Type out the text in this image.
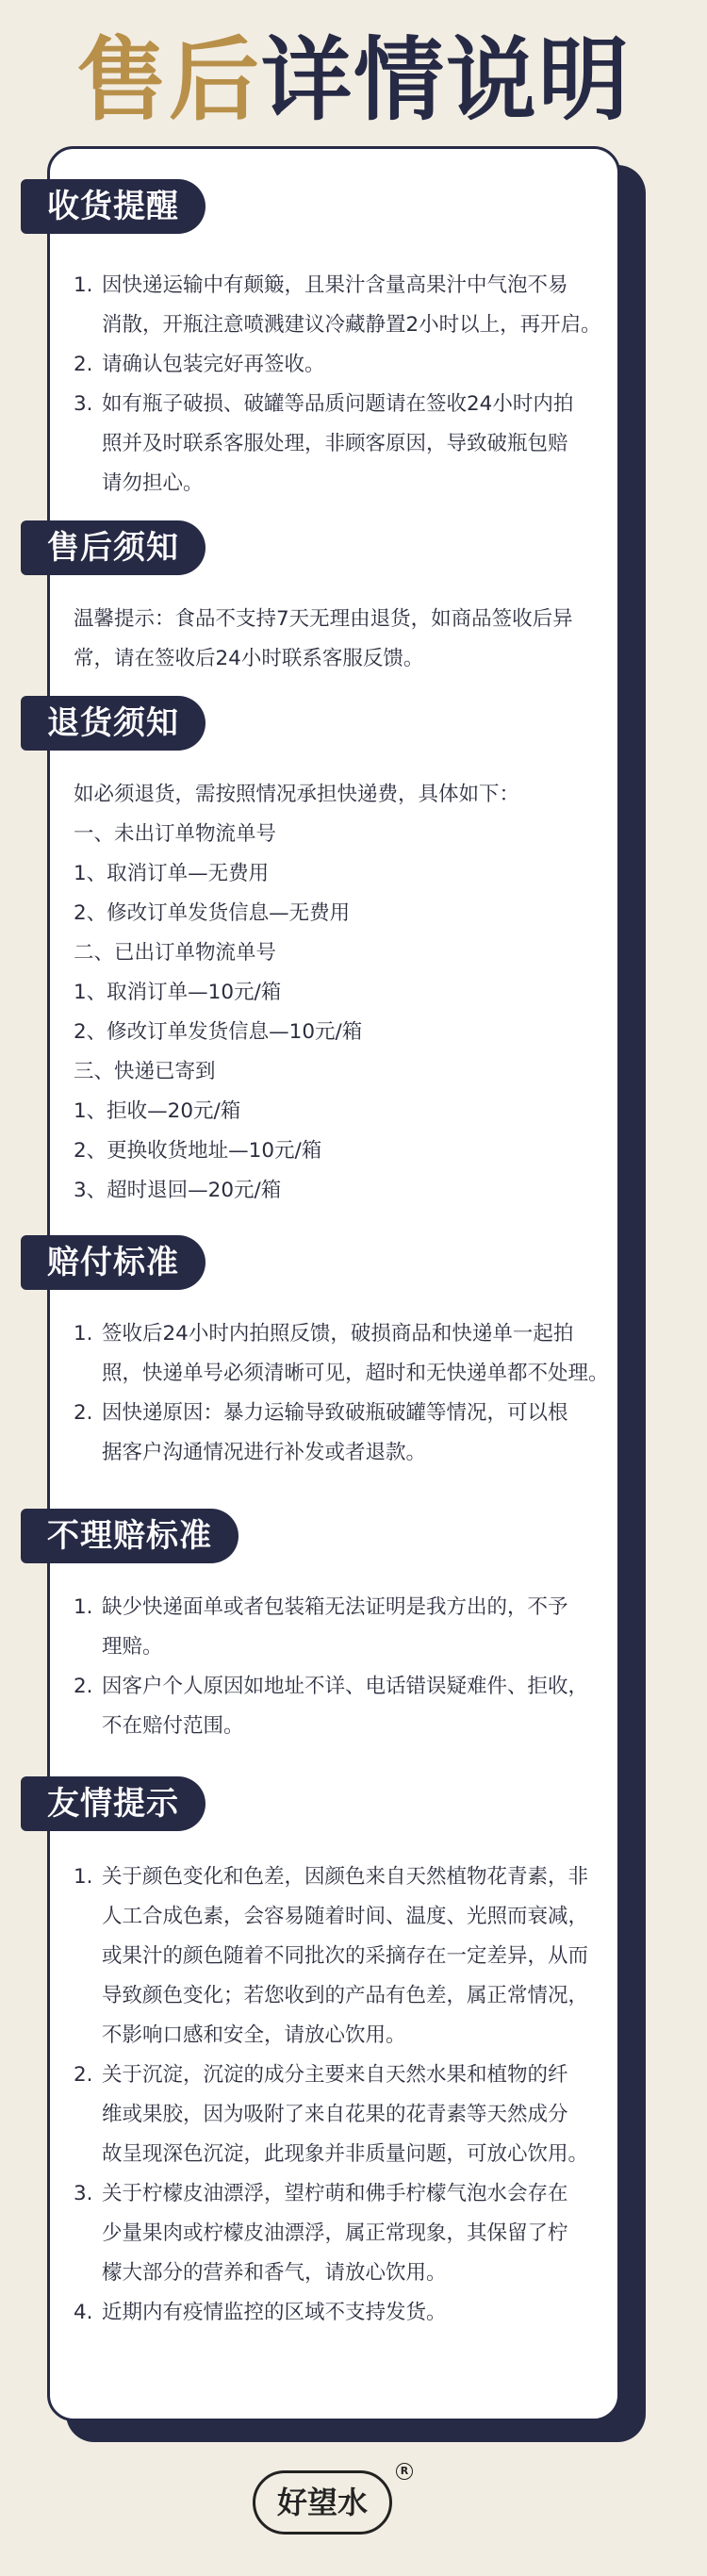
售后详情说明
收货提醒
1. 因快递运输中有颠簸，且果汁含量高果汁中气泡不易

消散，开瓶注意喷溅建议冷藏静置2小时以上，再开启。

2. 请确认包装完好再签收。

3. 如有瓶子破损、破罐等品质问题请在签收24小时内拍

照并及时联系客服处理，非顾客原因，导致破瓶包赔

请勿担心。

售后须知

温馨提示：食品不支持7天无理由退货，如商品签收后异

常，请在签收后24小时联系客服反馈。

退货须知

如必须退货，需按照情况承担快递费，具体如下：

一、未出订单物流单号

1、取消订单—无费用

2、修改订单发货信息—无费用

二、已出订单物流单号

1、取消订单—10元/箱

2、修改订单发货信息—10元/箱

三、快递已寄到

1、拒收—20元/箱

2、更换收货地址—10元/箱

3、超时退回—20元/箱

赔付标准
1. 签收后24小时内拍照反馈，破损商品和快递单一起拍

照，快递单号必须清晰可见，超时和无快递单都不处理。

2. 因快递原因：暴力运输导致破瓶破罐等情况，可以根

据客户沟通情况进行补发或者退款。

不理赔标准
1. 缺少快递面单或者包装箱无法证明是我方出的，不予

理赔。

2. 因客户个人原因如地址不详、电话错误疑难件、拒收，

不在赔付范围。

友情提示
1. 关于颜色变化和色差，因颜色来自天然植物花青素，非

人工合成色素，会容易随着时间、温度、光照而衰减，

或果汁的颜色随着不同批次的采摘存在一定差异，从而

导致颜色变化；若您收到的产品有色差，属正常情况，

不影响口感和安全，请放心饮用。

2. 关于沉淀，沉淀的成分主要来自天然水果和植物的纤

维或果胶，因为吸附了来自花果的花青素等天然成分

故呈现深色沉淀，此现象并非质量问题，可放心饮用。

3. 关于柠檬皮油漂浮，望柠萌和佛手柠檬气泡水会存在

少量果肉或柠檬皮油漂浮，属正常现象，其保留了柠

檬大部分的营养和香气，请放心饮用。

4. 近期内有疫情监控的区域不支持发货。

好望水
R
